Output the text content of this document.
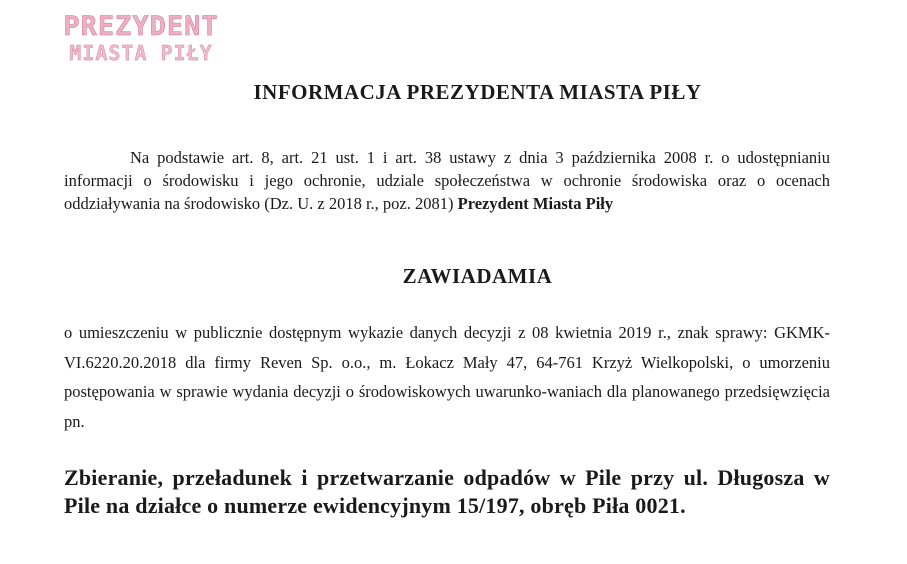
PREZYDENT
MIASTA PIŁY
INFORMACJA PREZYDENTA MIASTA PIŁY
Na podstawie art. 8, art. 21 ust. 1 i art. 38 ustawy z dnia 3 października 2008 r. o udostępnianiu informacji o środowisku i jego ochronie, udziale społeczeństwa w ochronie środowiska oraz o ocenach oddziaływania na środowisko (Dz. U. z 2018 r., poz. 2081) Prezydent Miasta Piły
ZAWIADAMIA
o umieszczeniu w publicznie dostępnym wykazie danych decyzji z 08 kwietnia 2019 r., znak sprawy: GKMK-VI.6220.20.2018 dla firmy Reven Sp. o.o., m. Łokacz Mały 47, 64-761 Krzyż Wielkopolski, o umorzeniu postępowania w sprawie wydania decyzji o środowiskowych uwarunko-waniach dla planowanego przedsięwzięcia pn.
Zbieranie, przeładunek i przetwarzanie odpadów w Pile przy ul. Długosza w Pile na działce o numerze ewidencyjnym 15/197, obręb Piła 0021.
